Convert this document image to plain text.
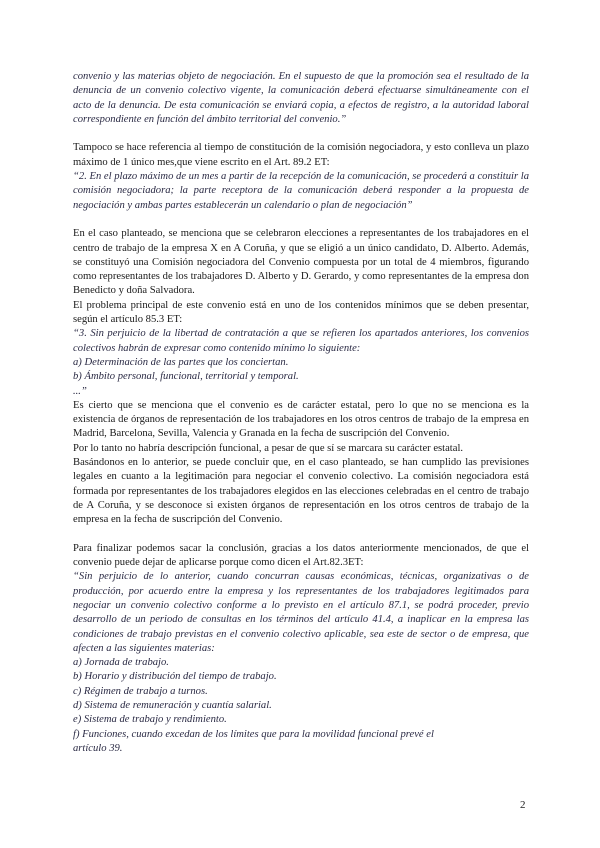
convenio y las materias objeto de negociación. En el supuesto de que la promoción sea el resultado de la denuncia de un convenio colectivo vigente, la comunicación deberá efectuarse simultáneamente con el acto de la denuncia. De esta comunicación se enviará copia, a efectos de registro, a la autoridad laboral correspondiente en función del ámbito territorial del convenio.”

Tampoco se hace referencia al tiempo de constitución de la comisión negociadora, y esto conlleva un plazo máximo de 1 único mes,que viene escrito en el Art. 89.2 ET:

“2. En el plazo máximo de un mes a partir de la recepción de la comunicación, se procederá a constituir la comisión negociadora; la parte receptora de la comunicación deberá responder a la propuesta de negociación y ambas partes establecerán un calendario o plan de negociación”

En el caso planteado, se menciona que se celebraron elecciones a representantes de los trabajadores en el centro de trabajo de la empresa X en A Coruña, y que se eligió a un único candidato, D. Alberto. Además, se constituyó una Comisión negociadora del Convenio compuesta por un total de 4 miembros, figurando como representantes de los trabajadores D. Alberto y D. Gerardo, y como representantes de la empresa don Benedicto y doña Salvadora.

El problema principal de este convenio está en uno de los contenidos mínimos que se deben presentar, según el artículo 85.3 ET:

“3. Sin perjuicio de la libertad de contratación a que se refieren los apartados anteriores, los convenios colectivos habrán de expresar como contenido mínimo lo siguiente:

a) Determinación de las partes que los conciertan.

b) Ámbito personal, funcional, territorial y temporal.

...”

Es cierto que se menciona que el convenio es de carácter estatal, pero lo que no se menciona es la existencia de órganos de representación de los trabajadores en los otros centros de trabajo de la empresa en Madrid, Barcelona, Sevilla, Valencia y Granada en la fecha de suscripción del Convenio.

Por lo tanto no habría descripción funcional, a pesar de que sí se marcara su carácter estatal.

Basándonos en lo anterior, se puede concluir que, en el caso planteado, se han cumplido las previsiones legales en cuanto a la legitimación para negociar el convenio colectivo. La comisión negociadora está formada por representantes de los trabajadores elegidos en las elecciones celebradas en el centro de trabajo de A Coruña, y se desconoce si existen órganos de representación en los otros centros de trabajo de la empresa en la fecha de suscripción del Convenio.

Para finalizar podemos sacar la conclusión, gracias a los datos anteriormente mencionados, de que el convenio puede dejar de aplicarse porque como dicen el Art.82.3ET:

“Sin perjuicio de lo anterior, cuando concurran causas económicas, técnicas, organizativas o de producción, por acuerdo entre la empresa y los representantes de los trabajadores legitimados para negociar un convenio colectivo conforme a lo previsto en el artículo 87.1, se podrá proceder, previo desarrollo de un periodo de consultas en los términos del artículo 41.4, a inaplicar en la empresa las condiciones de trabajo previstas en el convenio colectivo aplicable, sea este de sector o de empresa, que afecten a las siguientes materias:

a) Jornada de trabajo.

b) Horario y distribución del tiempo de trabajo.

c) Régimen de trabajo a turnos.

d) Sistema de remuneración y cuantía salarial.

e) Sistema de trabajo y rendimiento.

f) Funciones, cuando excedan de los límites que para la movilidad funcional prevé el

artículo 39.

2
